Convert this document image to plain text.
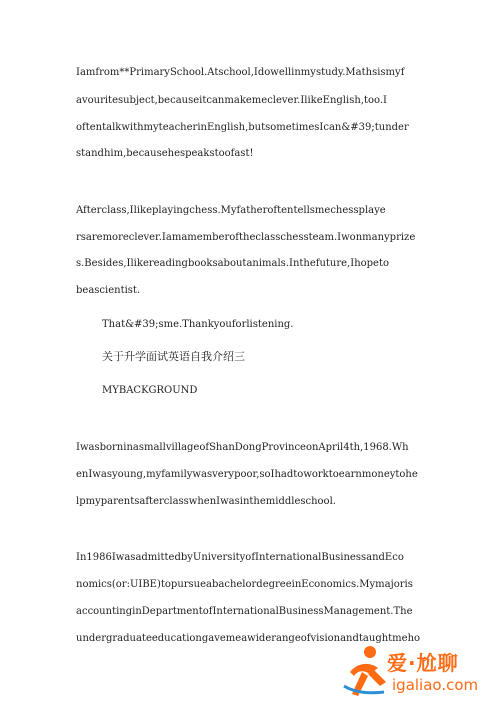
Iamfrom**PrimarySchool.Atschool,Idowellinmystudy.Mathsismyf
avouritesubject,becauseitcanmakemeclever.IlikeEnglish,too.I
oftentalkwithmyteacherinEnglish,butsometimesIcan&#39;tunder
standhim,becausehespeakstoofast!
Afterclass,Ilikeplayingchess.Myfatheroftentellsmechessplaye
rsaremoreclever.Iamamemberoftheclasschessteam.Iwonmanyprize
s.Besides,Ilikereadingbooksaboutanimals.Inthefuture,Ihopeto
beascientist.
That&#39;sme.Thankyouforlistening.
关于升学面试英语自我介绍三
MYBACKGROUND
IwasborninasmallvillageofShanDongProvinceonApril4th,1968.Wh
enIwasyoung,myfamilywasverypoor,soIhadtoworktoearnmoneytohe
lpmyparentsafterclasswhenIwasinthemiddleschool.
In1986IwasadmittedbyUniversityofInternationalBusinessandEco
nomics(or:UIBE)topursueabachelordegreeinEconomics.Mymajoris
accountinginDepartmentofInternationalBusinessManagement.The
undergraduateeducationgavemeawiderangeofvisionandtaughtmeho
爱·尬聊
igaliao.com
